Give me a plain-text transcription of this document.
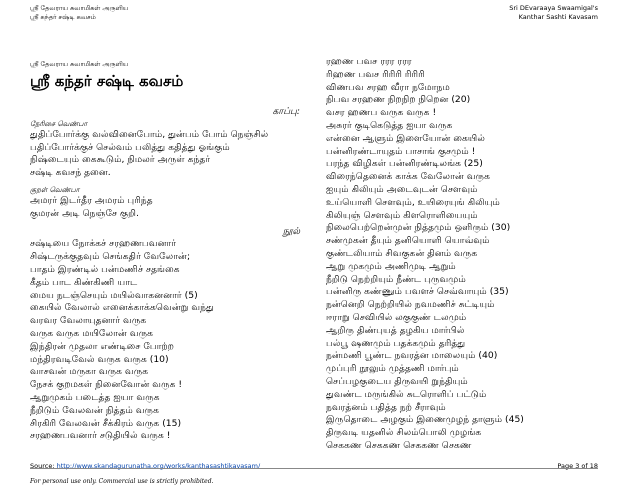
ஸ்ரீ தேவராய சுவாமிகள் அருளிய
ஸ்ரீ கந்தர் சஷ்டி கவசம்
Sri DEvaraaya Swaamigal's
Kanthar Sashti Kavasam
ஸ்ரீ தேவராய சுவாமிகள் அருளிய
ஸ்ரீ கந்தர் சஷ்டி கவசம்
காப்பு:
நேரிசை வெண்பா
துதிப்போர்க்கு வல்வினைபோம், துன்பம் போம் நெஞ்சில்
பதிப்போர்க்குச் செல்வம் பலித்து கதித்து ஓங்கும்
நிஷ்டையும் கைகூடும், நிமலர் அருள் கந்தர்
சஷ்டி கவசந் தனை.
குறள் வெண்பா
அமரர் இடர்தீர அமரம் புரிந்த
குமரன் அடி நெஞ்சே குறி.
நூல்
சஷ்டியை நோக்கச் சரஹணபவனார்
சிஷ்டருக்குதவும் செங்கதிர் வேலோன்;
பாதம் இரண்டில் பன்மணிச் சதங்கை
கீதம் பாட கிண்கிணி யாட
மைய நடஞ்செயும் மயில்வாகனனார் (5)
கையில் வேலால் எனைக்காக்கவென்று வந்து
வரவர வேலாயுதனார் வருக
வருக வருக மயிலோன் வருக
இந்திரன் முதலா எண்டிசை போற்ற
மந்திரவடிவேல் வருக வருக (10)
வாசவன் மருகா வருக வருக
நேசக் குறமகள் நினைவோன் வருக !
ஆறுமுகம் படைத்த ஐயா வருக
நீறிடும் வேலவன் நித்தம் வருக
சிரகிரி வேலவன் சீக்கிரம் வருக (15)
சரஹணபவனார் சடுதியில் வருக !
ரஹண பவச ரரர ரரர
ரிஹண பவச ரிரிரி ரிரிரி
விணபவ சரஹ வீரா நமோநம
நிபவ சரஹண நிறநிற நிறென (20)
வசர ஹணப வருக வருக !
அசுரர் குடிகெடுத்த ஐயா வருக
என்னை ஆளும் இளையோன் கையில்
பன்னிரண்டாயுதம் பாசாங் குசமும் !
பரந்த விழிகள் பன்னிரண்டிலங்க (25)
விரைந்தெனைக் காக்க வேலோன் வருக
ஐயும் கிலியும் அடைவுடன் சௌவும்
உய்யொளி சௌவும், உயிரையுங் கிலியும்
கிலியுஞ் சௌவும் கிளரொளியையும்
நிலைபெற்றென்முன் நித்தமும் ஒளிரும் (30)
சண்முகன் தீயும் தனியொளி யொவ்வும்
குண்டலியாம் சிவகுகன் தினம் வருக
ஆறு முகமும் அணிமுடி ஆறும்
நீறிடு நெற்றியும் நீண்ட புருவமும்
பன்னிரு கண்ணும் பவளச் செவ்வாயும் (35)
நன்னெறி நெற்றியில் நவமணிச் சுட்டியும்
ஈராறு செவியில் லகுகுண் டலமும்
ஆறிரு திண்புயத் தழகிய மார்பில்
பல்பூ ஷணமும் பதக்கமும் தரித்து
நன்மணி பூண்ட நவரத்ன மாலையும் (40)
முப்புரி நூலும் முத்தணி மார்பும்
செப்பழகுடைய திருவயி றுந்தியும்
துவண்ட மருங்கில் சுடரொளிப் பட்டும்
நவரத்னம் பதித்த நற் சீராவும்
இருதொடை அழகும் இணைமுழந் தாளும் (45)
திருவடி யதனில் சிலம்பொலி முழங்க
செககண செககண செககண செகண
Source: http://www.skandagurunatha.org/works/kanthasashtikavasam/	Page 3 of 18
For personal use only. Commercial use is strictly prohibited.
